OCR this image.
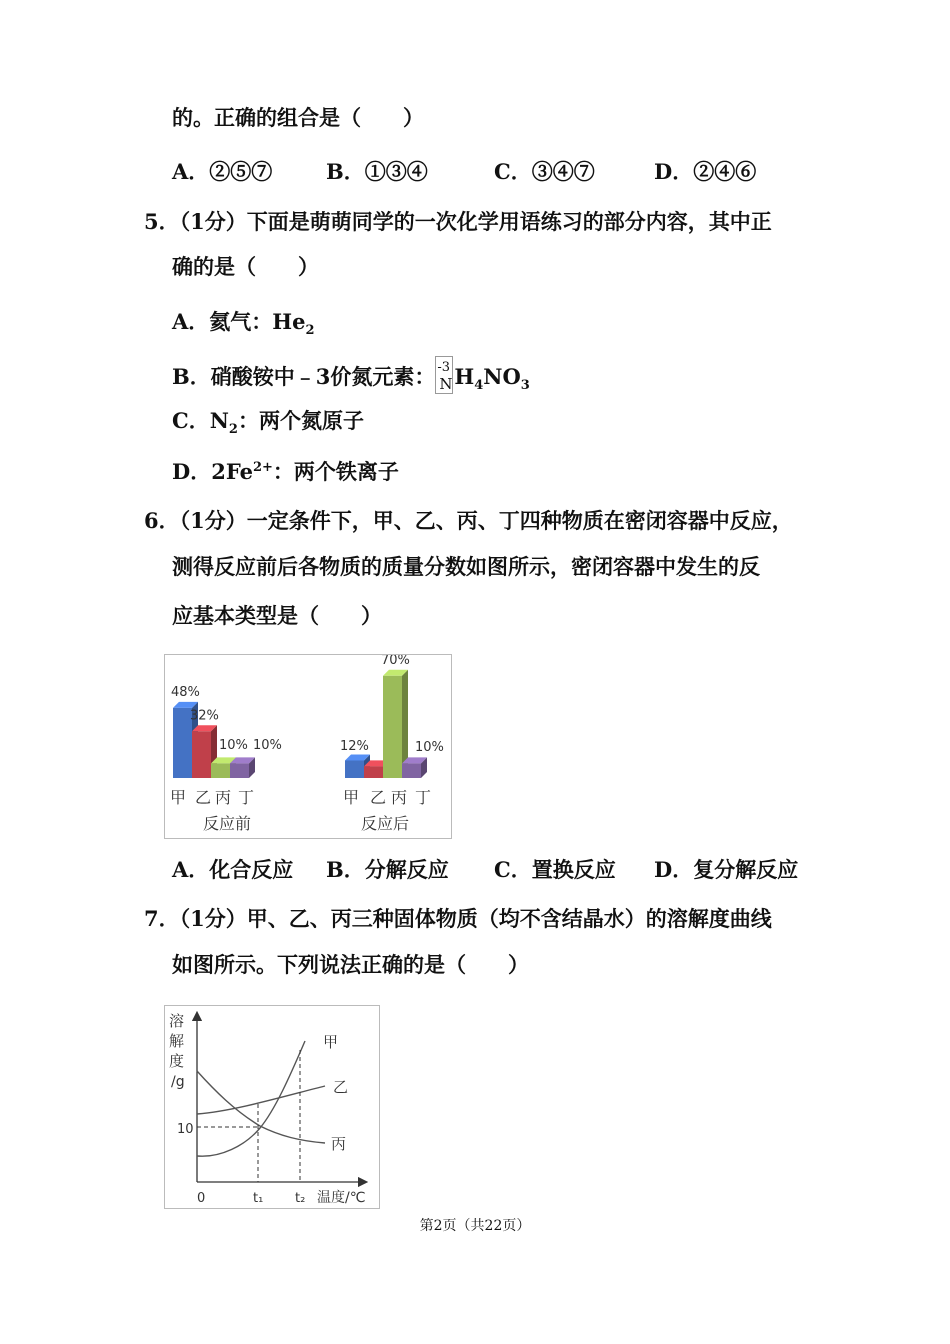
的。正确的组合是（　　）
A．②⑤⑦	B．①③④	C．③④⑦	D．②④⑥
5．（1分）下面是萌萌同学的一次化学用语练习的部分内容，其中正
确的是（　　）
A．氦气：$He_2$
B．硝酸铵中﹣3价氮元素： -3
N $H_4NO_3$
C．$N_2$：两个氮原子
D．$2Fe^{2+}$：两个铁离子
6．（1分）一定条件下，甲、乙、丙、丁四种物质在密闭容器中反应，
测得反应前后各物质的质量分数如图所示，密闭容器中发生的反
应基本类型是（　　）
48%
32%
10% 10%
甲 乙 丙 丁
反应前
12%
70%
10%
甲 乙 丙 丁
反应后
A．化合反应 B．分解反应 C．置换反应 D．复分解反应
7．（1分）甲、乙、丙三种固体物质（均不含结晶水）的溶解度曲线
如图所示。下列说法正确的是（　　）
溶
解
度
/g
甲
乙
丙
10
0	t₁ t₂ 温度/℃
第2页（共22页）
